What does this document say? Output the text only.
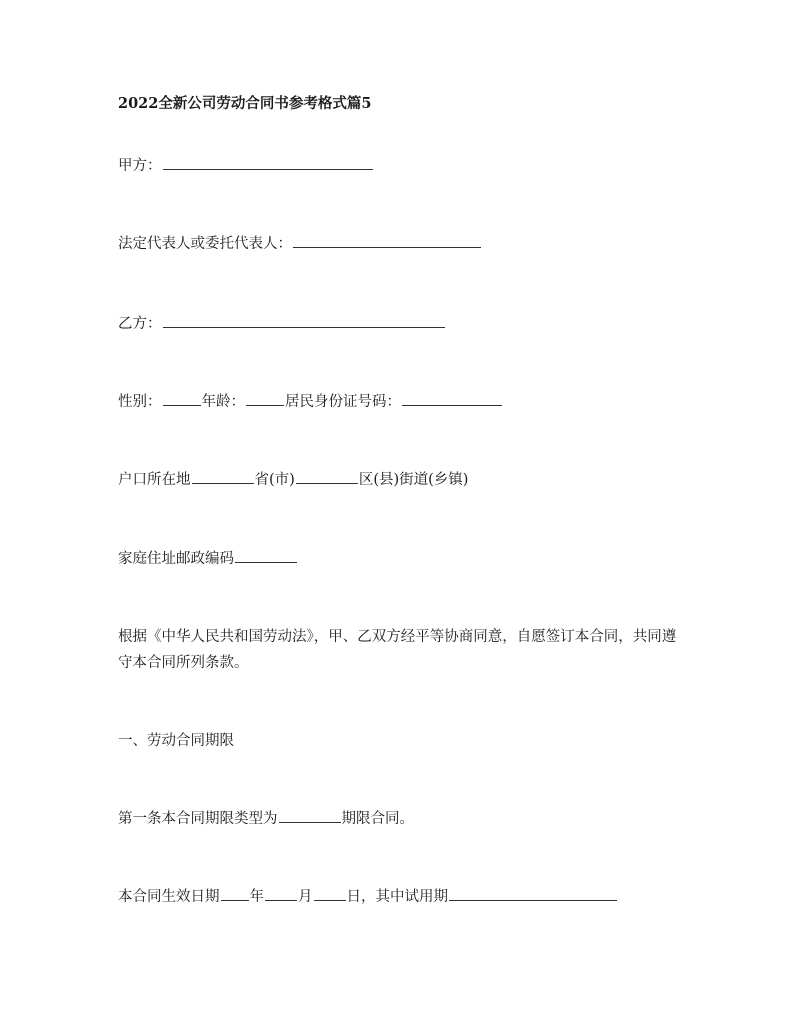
2022全新公司劳动合同书参考格式篇5
甲方：
法定代表人或委托代表人：
乙方：
性别：	年龄：	居民身份证号码：
户口所在地	省(市)	区(县)街道(乡镇)
家庭住址邮政编码
根据《中华人民共和国劳动法》，甲、乙双方经平等协商同意，自愿签订本合同，共同遵守本合同所列条款。
一、劳动合同期限
第一条本合同期限类型为	期限合同。
本合同生效日期 年 月 日，其中试用期
